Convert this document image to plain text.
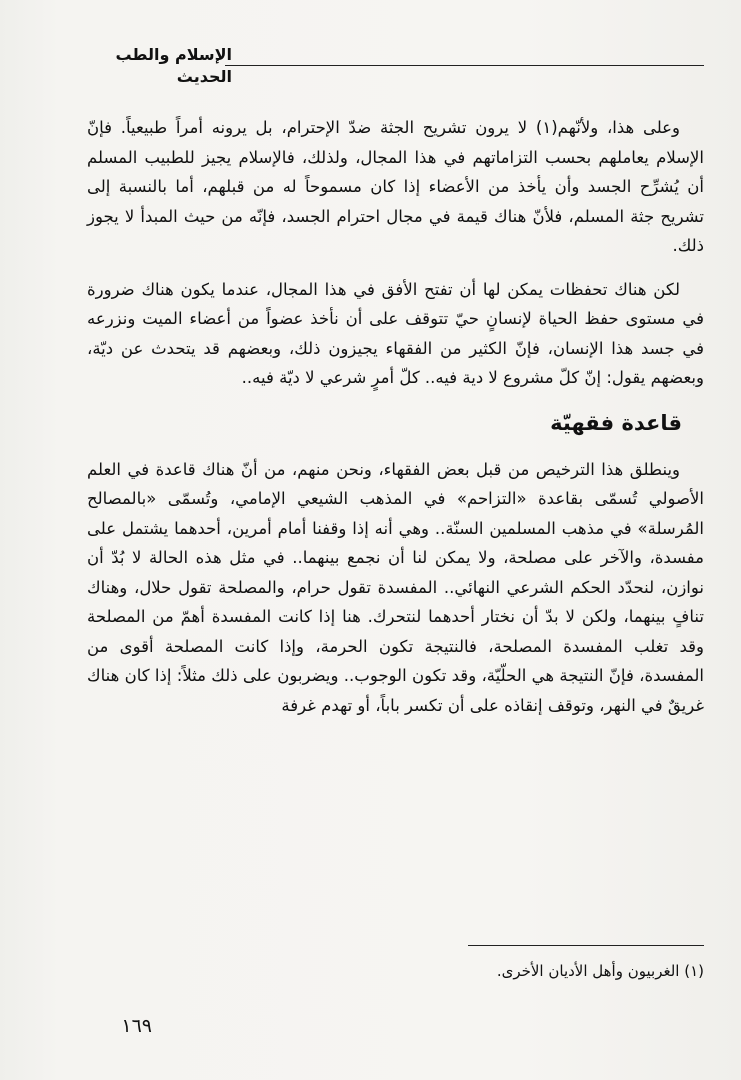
الإسلام والطب الحديث

وعلى هذا، ولأنّهم(١) لا يرون تشريح الجثة ضدّ الإحترام، بل يرونه أمراً طبيعياً. فإنّ الإسلام يعاملهم بحسب التزاماتهم في هذا المجال، ولذلك، فالإسلام يجيز للطبيب المسلم أن يُشرِّح الجسد وأن يأخذ من الأعضاء إذا كان مسموحاً له من قبلهم، أما بالنسبة إلى تشريح جثة المسلم، فلأنّ هناك قيمة في مجال احترام الجسد، فإنّه من حيث المبدأ لا يجوز ذلك.

لكن هناك تحفظات يمكن لها أن تفتح الأفق في هذا المجال، عندما يكون هناك ضرورة في مستوى حفظ الحياة لإنسانٍ حيّ تتوقف على أن نأخذ عضواً من أعضاء الميت ونزرعه في جسد هذا الإنسان، فإنّ الكثير من الفقهاء يجيزون ذلك، وبعضهم قد يتحدث عن ديّة، وبعضهم يقول: إنّ كلّ مشروع لا دية فيه.. كلّ أمرٍ شرعي لا ديّة فيه..

قاعدة فقهيّة

وينطلق هذا الترخيص من قبل بعض الفقهاء، ونحن منهم، من أنّ هناك قاعدة في العلم الأصولي تُسمّى بقاعدة «التزاحم» في المذهب الشيعي الإمامي، وتُسمّى «بالمصالح المُرسلة» في مذهب المسلمين السنّة.. وهي أنه إذا وقفنا أمام أمرين، أحدهما يشتمل على مفسدة، والآخر على مصلحة، ولا يمكن لنا أن نجمع بينهما.. في مثل هذه الحالة لا بُدّ أن نوازن، لنحدّد الحكم الشرعي النهائي.. المفسدة تقول حرام، والمصلحة تقول حلال، وهناك تنافٍ بينهما، ولكن لا بدّ أن نختار أحدهما لنتحرك. هنا إذا كانت المفسدة أهمّ من المصلحة وقد تغلب المفسدة المصلحة، فالنتيجة تكون الحرمة، وإذا كانت المصلحة أقوى من المفسدة، فإنّ النتيجة هي الحلّيّة، وقد تكون الوجوب.. ويضربون على ذلك مثلاً: إذا كان هناك غريقٌ في النهر، وتوقف إنقاذه على أن تكسر باباً، أو تهدم غرفة

(١) الغربيون وأهل الأديان الأخرى.
١٦٩
